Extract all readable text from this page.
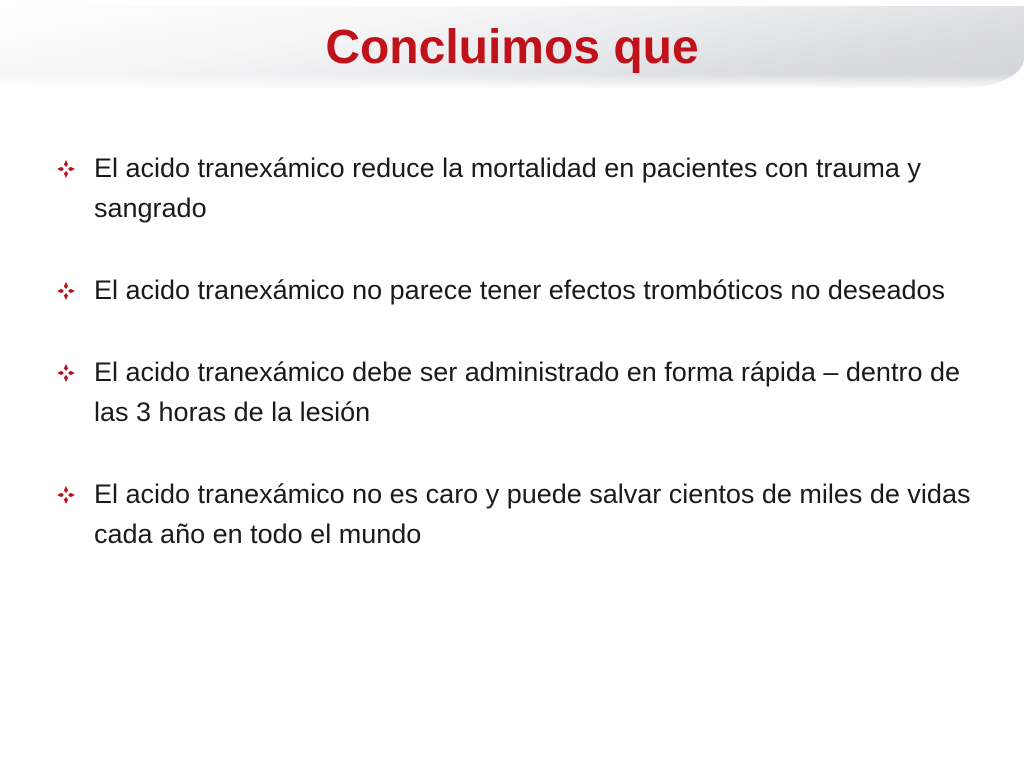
Concluimos que
El acido tranexámico reduce la mortalidad en pacientes con trauma y sangrado
El acido tranexámico no parece tener efectos trombóticos no deseados
El acido tranexámico debe ser administrado en forma rápida – dentro de las 3 horas de la lesión
El acido tranexámico no es caro y puede salvar cientos de miles de vidas cada año en todo el mundo
